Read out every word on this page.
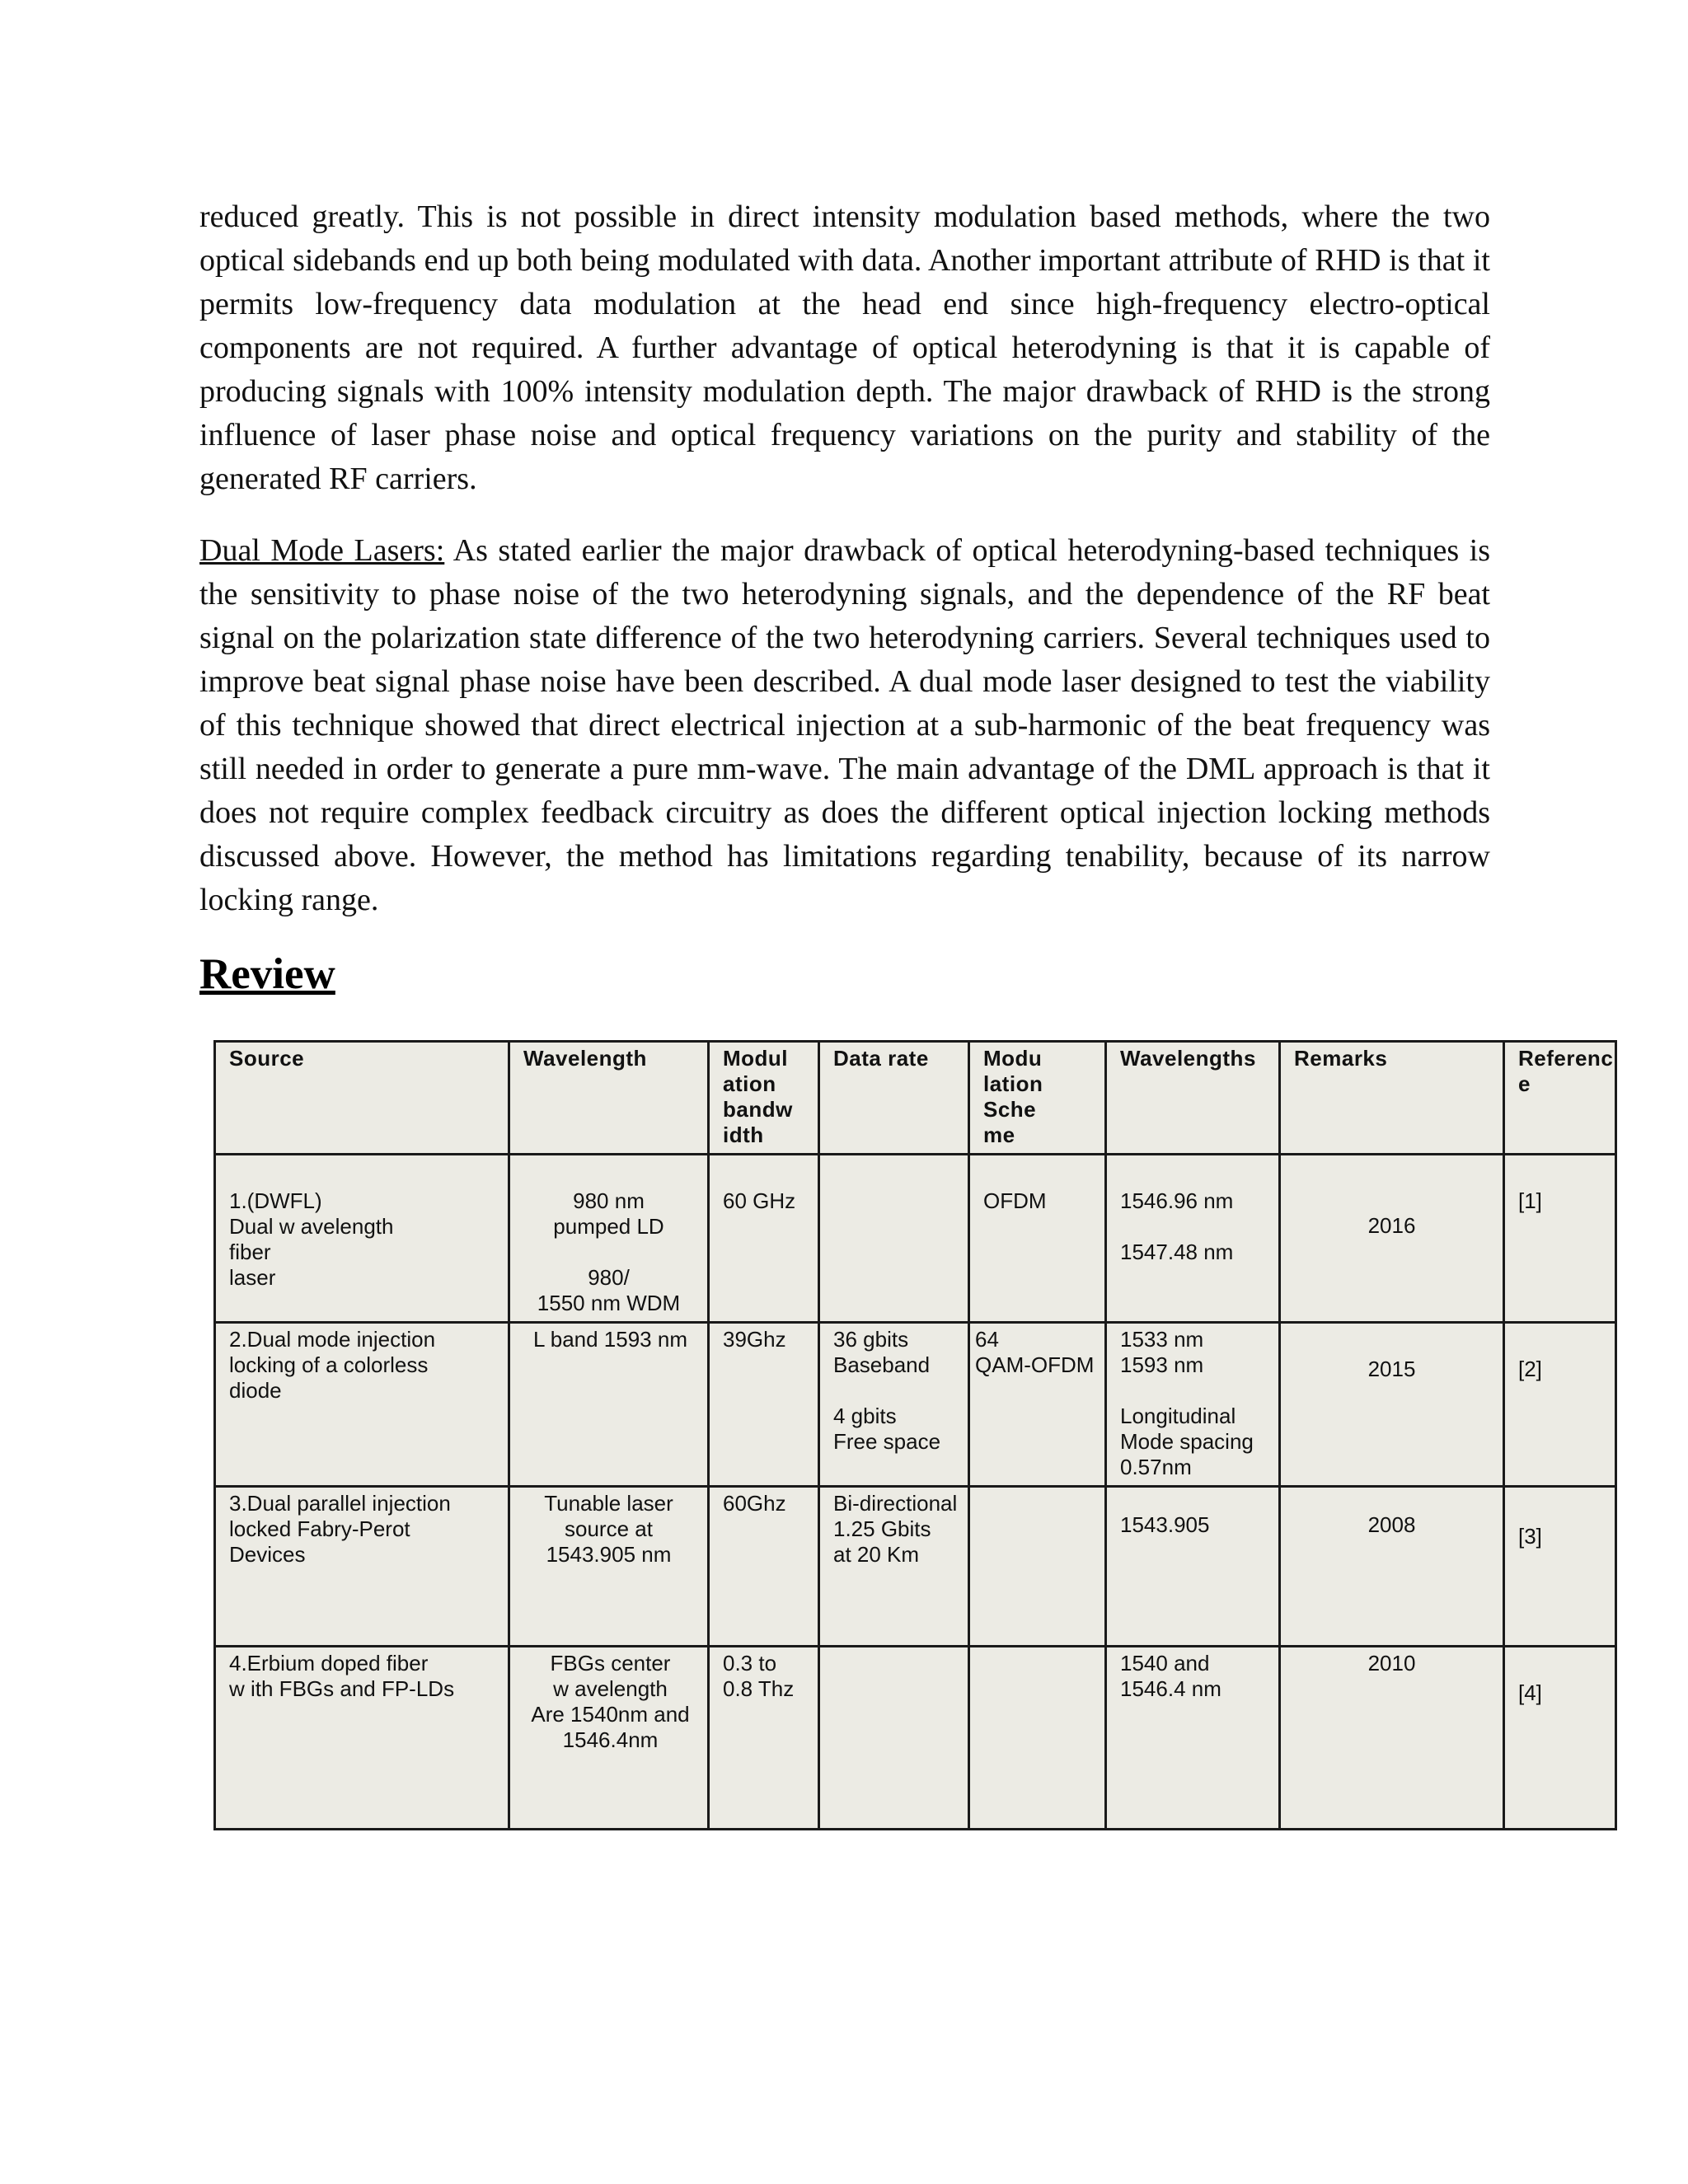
reduced greatly. This is not possible in direct intensity modulation based methods, where the two optical sidebands end up both being modulated with data. Another important attribute of RHD is that it permits low-frequency data modulation at the head end since high-frequency electro-optical components are not required. A further advantage of optical heterodyning is that it is capable of producing signals with 100% intensity modulation depth. The major drawback of RHD is the strong influence of laser phase noise and optical frequency variations on the purity and stability of the generated RF carriers.

Dual Mode Lasers: As stated earlier the major drawback of optical heterodyning-based techniques is the sensitivity to phase noise of the two heterodyning signals, and the dependence of the RF beat signal on the polarization state difference of the two heterodyning carriers. Several techniques used to improve beat signal phase noise have been described. A dual mode laser designed to test the viability of this technique showed that direct electrical injection at a sub-harmonic of the beat frequency was still needed in order to generate a pure mm-wave. The main advantage of the DML approach is that it does not require complex feedback circuitry as does the different optical injection locking methods discussed above. However, the method has limitations regarding tenability, because of its narrow locking range.

Review
Source	Wavelength	Modul
ation
bandw
idth	Data rate	Modu
lation
Sche
me	Wavelengths	Remarks	Referenc
e

1.(DWFL)
Dual w avelength
fiber
laser	980 nm
pumped LD

980/
1550 nm WDM	60 GHz		OFDM	1546.96 nm

1547.48 nm	2016	[1]
2.Dual mode injection
locking of a colorless
diode	L band 1593 nm	39Ghz	36 gbits
Baseband

4 gbits
Free space	64
QAM-OFDM	1533 nm
1593 nm

Longitudinal
Mode spacing
0.57nm	2015	[2]
3.Dual parallel injection
locked Fabry-Perot
Devices	Tunable laser
source at
1543.905 nm	60Ghz	Bi-directional
1.25 Gbits
at 20 Km		1543.905	2008	[3]
4.Erbium doped fiber
w ith FBGs and FP-LDs	FBGs center
w avelength
Are 1540nm and
1546.4nm	0.3 to
0.8 Thz			1540 and
1546.4 nm	2010	[4]
